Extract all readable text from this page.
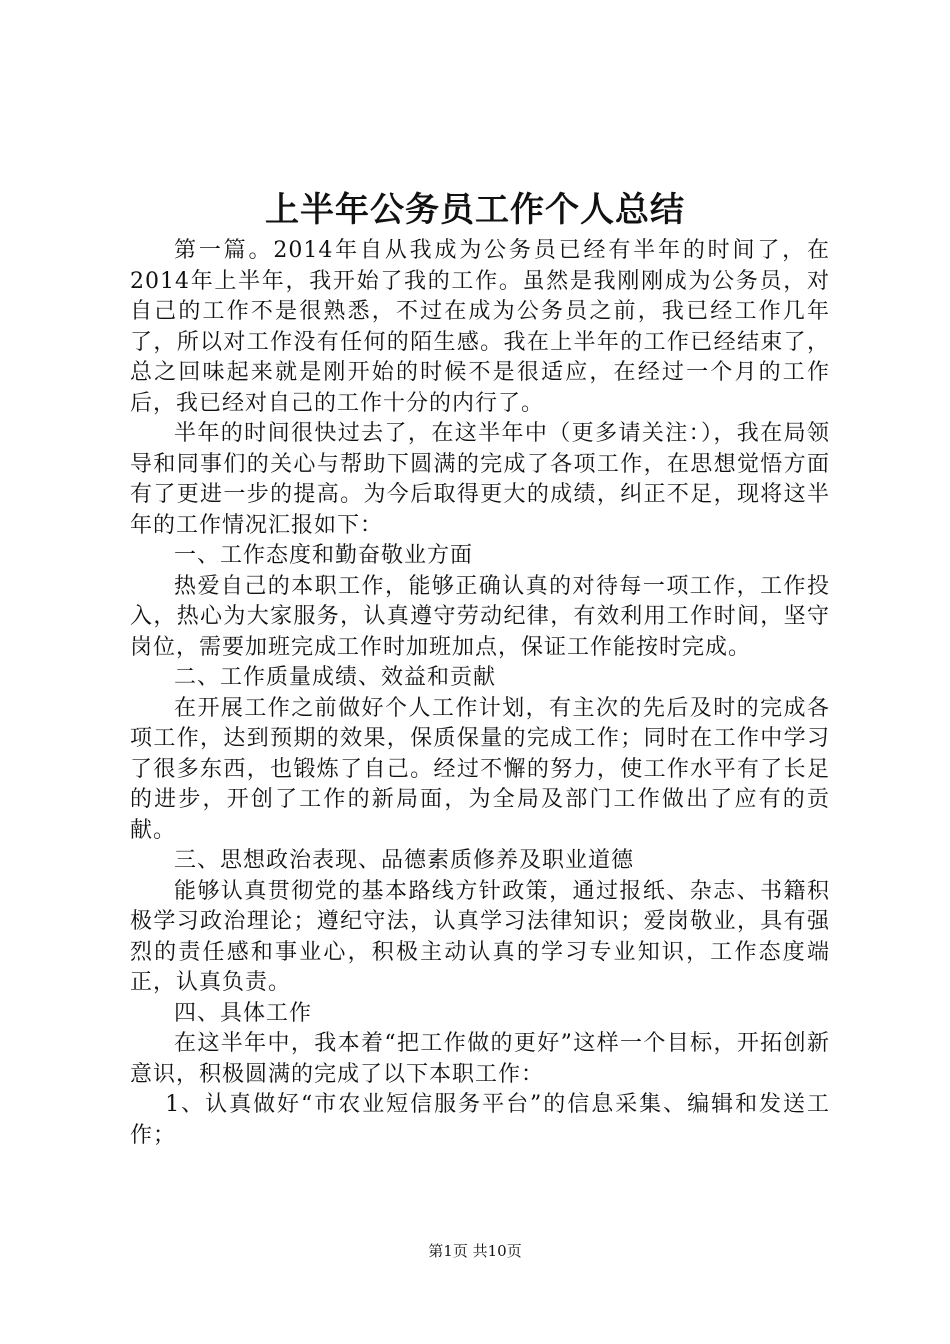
上半年公务员工作个人总结

第一篇。2014年自从我成为公务员已经有半年的时间了，在2014年上半年，我开始了我的工作。虽然是我刚刚成为公务员，对自己的工作不是很熟悉，不过在成为公务员之前，我已经工作几年了，所以对工作没有任何的陌生感。我在上半年的工作已经结束了，总之回味起来就是刚开始的时候不是很适应，在经过一个月的工作后，我已经对自己的工作十分的内行了。

半年的时间很快过去了，在这半年中（更多请关注：），我在局领导和同事们的关心与帮助下圆满的完成了各项工作，在思想觉悟方面有了更进一步的提高。为今后取得更大的成绩，纠正不足，现将这半年的工作情况汇报如下：

一、工作态度和勤奋敬业方面

热爱自己的本职工作，能够正确认真的对待每一项工作，工作投入，热心为大家服务，认真遵守劳动纪律，有效利用工作时间，坚守岗位，需要加班完成工作时加班加点，保证工作能按时完成。

二、工作质量成绩、效益和贡献

在开展工作之前做好个人工作计划，有主次的先后及时的完成各项工作，达到预期的效果，保质保量的完成工作；同时在工作中学习了很多东西，也锻炼了自己。经过不懈的努力，使工作水平有了长足的进步，开创了工作的新局面，为全局及部门工作做出了应有的贡献。

三、思想政治表现、品德素质修养及职业道德

能够认真贯彻党的基本路线方针政策，通过报纸、杂志、书籍积极学习政治理论；遵纪守法，认真学习法律知识；爱岗敬业，具有强烈的责任感和事业心，积极主动认真的学习专业知识，工作态度端正，认真负责。

四、具体工作

在这半年中，我本着“把工作做的更好”这样一个目标，开拓创新意识，积极圆满的完成了以下本职工作：

1、认真做好“市农业短信服务平台”的信息采集、编辑和发送工作；

第1页 共10页
